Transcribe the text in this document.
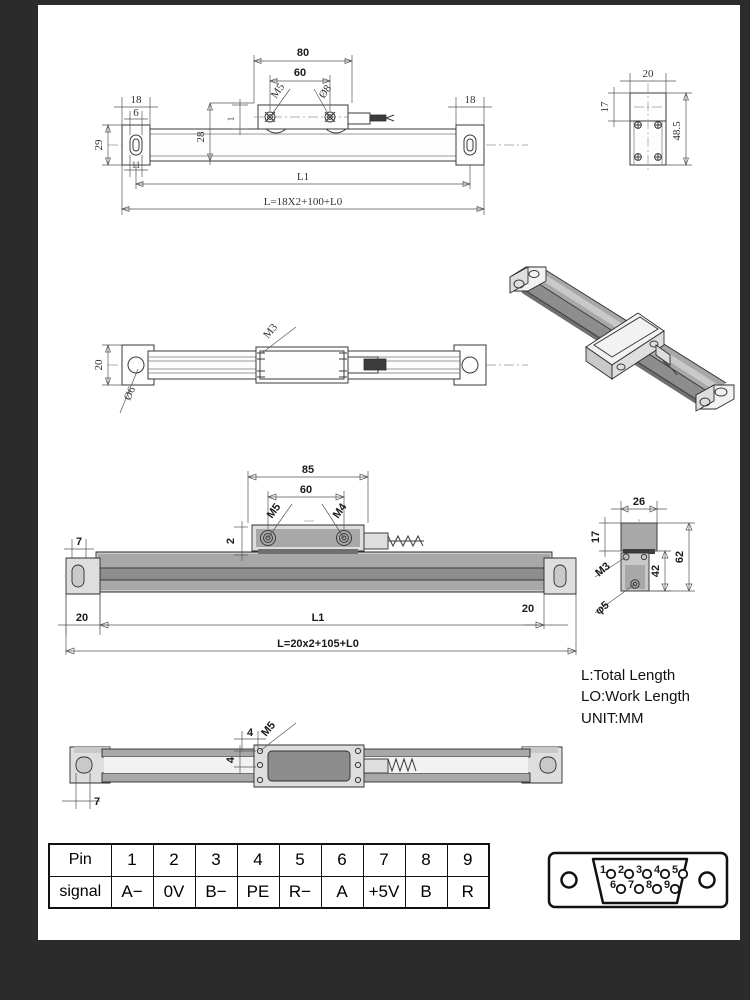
80
60
M5	Ø8
28
1
18
6
11
29
18
L1
L=18X2+100+L0
20
17
48.5
20
Ø6
M3
85
60
M5	M4
2
7
20
20
L1
L=20x2+105+L0
26
17
M3	42
62
φ5
L:Total Length
LO:Work Length
UNIT:MM
4 M5
4
7
Pin	1	2	3	4	5	6	7	8	9
signal	A−	0V	B−	PE	R−	A	+5V	B	R
1 2 3 4 5
6 7 8 9
